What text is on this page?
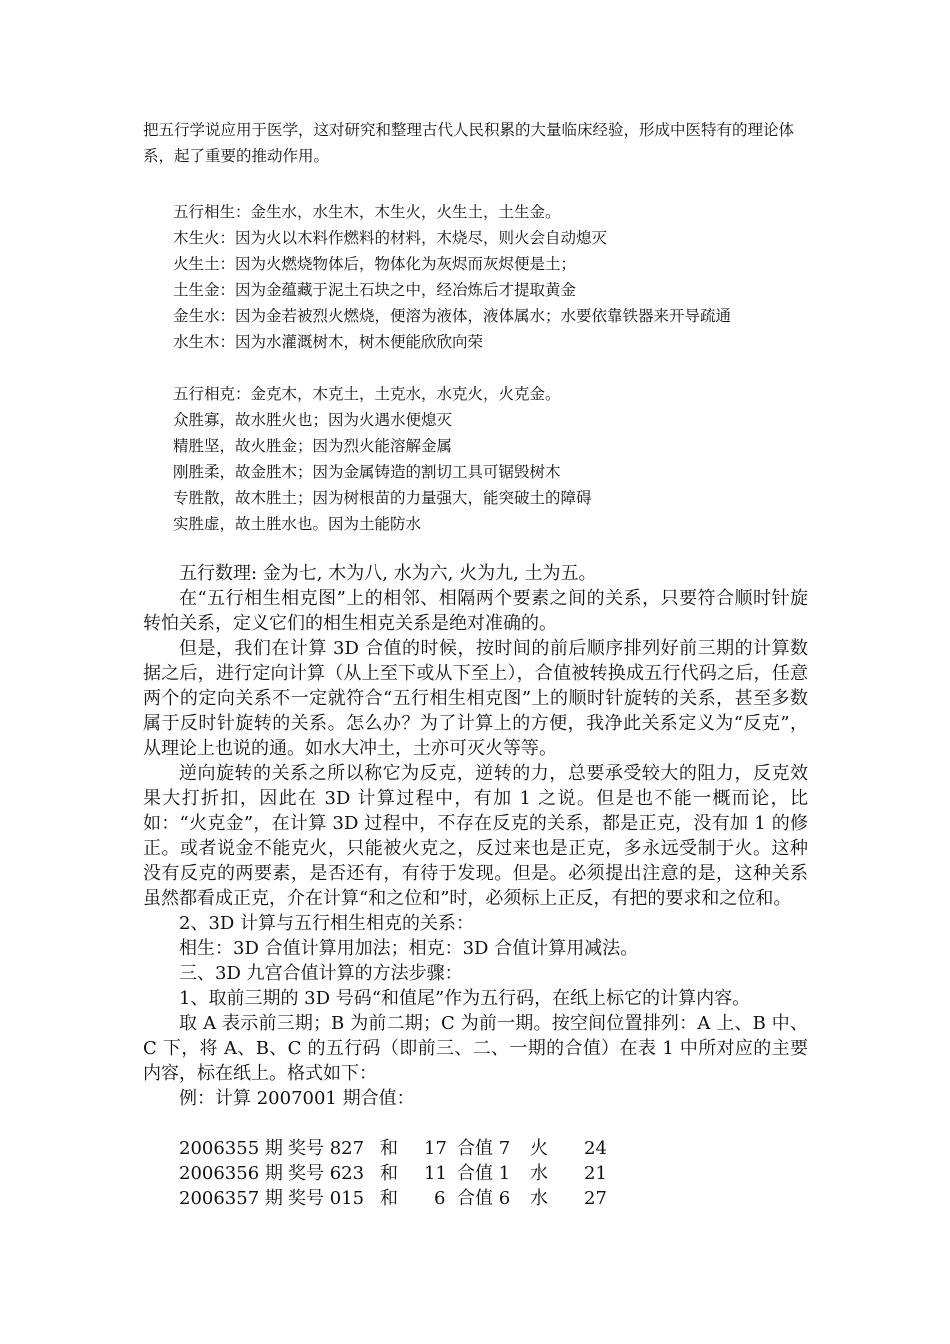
把五行学说应用于医学，这对研究和整理古代人民积累的大量临床经验，形成中医特有的理论体系，起了重要的推动作用。

五行相生：金生水，水生木，木生火，火生土，土生金。

木生火：因为火以木料作燃料的材料，木烧尽，则火会自动熄灭

火生土：因为火燃烧物体后，物体化为灰烬而灰烬便是土；

土生金：因为金蕴藏于泥土石块之中，经冶炼后才提取黄金

金生水：因为金若被烈火燃烧，便溶为液体，液体属水；水要依靠铁器来开导疏通

水生木：因为水灌溉树木，树木便能欣欣向荣

五行相克：金克木，木克土，土克水，水克火，火克金。

众胜寡，故水胜火也；因为火遇水便熄灭

精胜坚，故火胜金；因为烈火能溶解金属

刚胜柔，故金胜木；因为金属铸造的割切工具可锯毁树木

专胜散，故木胜土；因为树根苗的力量强大，能突破土的障碍

实胜虚，故土胜水也。因为土能防水

五行数理: 金为七, 木为八, 水为六, 火为九, 土为五。

在“五行相生相克图”上的相邻、相隔两个要素之间的关系，只要符合顺时针旋转怕关系，定义它们的相生相克关系是绝对准确的。

但是，我们在计算 3D 合值的时候，按时间的前后顺序排列好前三期的计算数据之后，进行定向计算（从上至下或从下至上），合值被转换成五行代码之后，任意两个的定向关系不一定就符合“五行相生相克图”上的顺时针旋转的关系，甚至多数属于反时针旋转的关系。怎么办？为了计算上的方便，我净此关系定义为“反克”，从理论上也说的通。如水大冲土，土亦可灭火等等。

逆向旋转的关系之所以称它为反克，逆转的力，总要承受较大的阻力，反克效果大打折扣，因此在 3D 计算过程中，有加 1 之说。但是也不能一概而论，比如：“火克金”，在计算 3D 过程中，不存在反克的关系，都是正克，没有加 1 的修正。或者说金不能克火，只能被火克之，反过来也是正克，多永远受制于火。这种没有反克的两要素，是否还有，有待于发现。但是。必须提出注意的是，这种关系虽然都看成正克，介在计算“和之位和”时，必须标上正反，有把的要求和之位和。

2、3D 计算与五行相生相克的关系：

相生：3D 合值计算用加法；相克：3D 合值计算用减法。

三、3D 九宫合值计算的方法步骤：

1、取前三期的 3D 号码“和值尾”作为五行码，在纸上标它的计算内容。

取 A 表示前三期；B 为前二期；C 为前一期。按空间位置排列：A 上、B 中、C 下，将 A、B、C 的五行码（即前三、二、一期的合值）在表 1 中所对应的主要内容，标在纸上。格式如下：

例：计算 2007001 期合值：

2006355 期 奖号 827 和 17 合值 7 火 24
2006356 期 奖号 623 和 11 合值 1 水 21
2006357 期 奖号 015 和 6 合值 6 水 27
